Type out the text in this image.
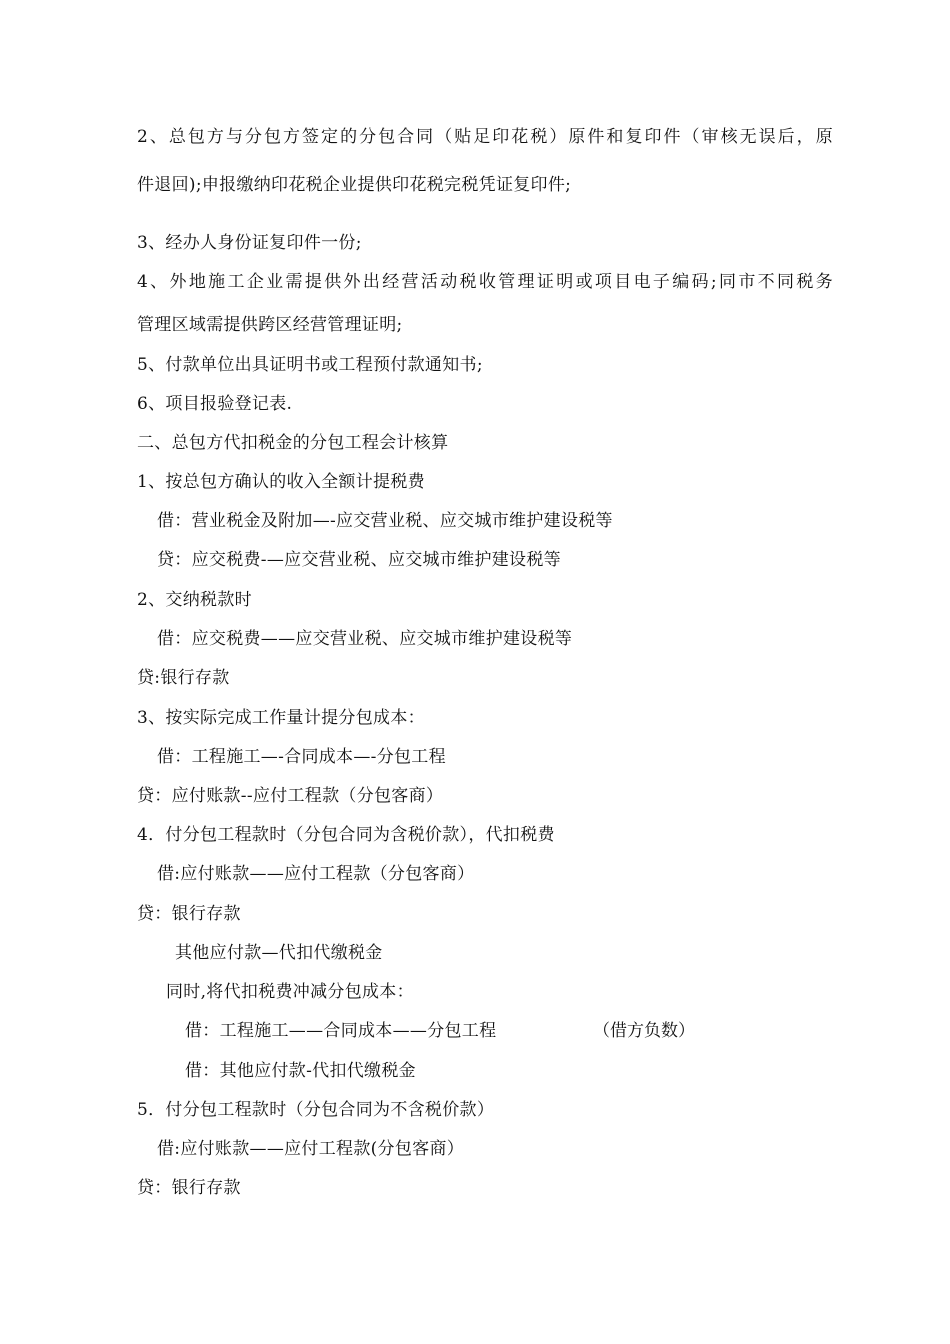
2、总包方与分包方签定的分包合同（贴足印花税）原件和复印件（审核无误后，原
件退回);申报缴纳印花税企业提供印花税完税凭证复印件;
3、经办人身份证复印件一份;
4、外地施工企业需提供外出经营活动税收管理证明或项目电子编码;同市不同税务
管理区域需提供跨区经营管理证明;
5、付款单位出具证明书或工程预付款通知书;
6、项目报验登记表.
二、总包方代扣税金的分包工程会计核算
1、按总包方确认的收入全额计提税费
借：营业税金及附加—-应交营业税、应交城市维护建设税等
贷：应交税费-—应交营业税、应交城市维护建设税等
2、交纳税款时
借：应交税费——应交营业税、应交城市维护建设税等
贷:银行存款
3、按实际完成工作量计提分包成本：
借：工程施工—-合同成本—-分包工程
贷：应付账款--应付工程款（分包客商）
4．付分包工程款时（分包合同为含税价款），代扣税费
借:应付账款——应付工程款（分包客商）
贷：银行存款
其他应付款—代扣代缴税金
同时,将代扣税费冲减分包成本：
借：工程施工——合同成本——分包工程	（借方负数）
借：其他应付款-代扣代缴税金
5．付分包工程款时（分包合同为不含税价款）
借:应付账款——应付工程款(分包客商）
贷：银行存款
